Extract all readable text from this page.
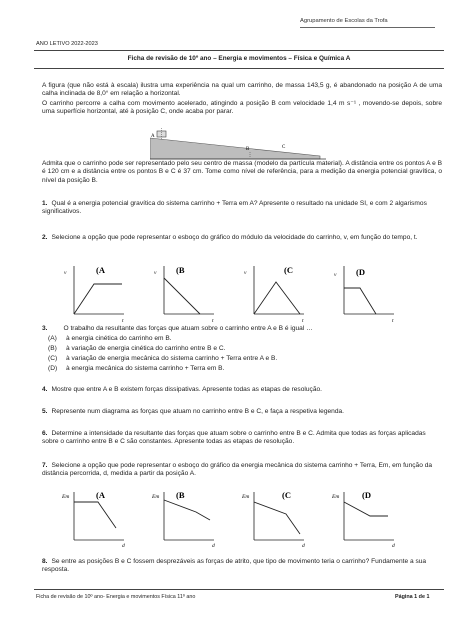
Agrupamento de Escolas da Trofa
ANO LETIVO 2022-2023
Ficha de revisão de 10º ano – Energia e movimentos – Física e Química A
A figura (que não está à escala) ilustra uma experiência na qual um carrinho, de massa 143,5 g, é abandonado na posição A de uma calha inclinada de 8,0° em relação a horizontal.
O carrinho percorre a calha com movimento acelerado, atingindo a posição B com velocidade 1,4 m s⁻¹ , movendo-se depois, sobre uma superfície horizontal, até à posição C, onde acaba por parar.
A
B	C
Admita que o carrinho pode ser representado pelo seu centro de massa (modelo da partícula material). A distância entre os pontos A e B é 120 cm e a distância entre os pontos B e C é 37 cm. Tome como nível de referência, para a medição da energia potencial gravítica, o nível da posição B.
1. Qual é a energia potencial gravítica do sistema carrinho + Terra em A? Apresente o resultado na unidade SI, e com 2 algarismos significativos.
2. Selecione a opção que pode representar o esboço do gráfico do módulo da velocidade do carrinho, v, em função do tempo, t.
v
t
(A	v
t
(B	v
t
(C	v
t
(D
3. O trabalho da resultante das forças que atuam sobre o carrinho entre A e B é igual …
(A) à energia cinética do carrinho em B.
(B) à variação de energia cinética do carrinho entre B e C.
(C) à variação de energia mecânica do sistema carrinho + Terra entre A e B.
(D) à energia mecânica do sistema carrinho + Terra em B.
4. Mostre que entre A e B existem forças dissipativas. Apresente todas as etapas de resolução.
5. Represente num diagrama as forças que atuam no carrinho entre B e C, e faça a respetiva legenda.
6. Determine a intensidade da resultante das forças que atuam sobre o carrinho entre B e C. Admita que todas as forças aplicadas sobre o carrinho entre B e C são constantes. Apresente todas as etapas de resolução.
7. Selecione a opção que pode representar o esboço do gráfico da energia mecânica do sistema carrinho + Terra, Em, em função da distância percorrida, d, medida a partir da posição A.
Em
d
(A	Em
d
(B	Em
d
(C	Em
d
(D
8. Se entre as posições B e C fossem desprezáveis as forças de atrito, que tipo de movimento teria o carrinho? Fundamente a sua resposta.
Ficha de revisão de 10º ano- Energia e movimentos Física 11º ano	Página 1 de 1
